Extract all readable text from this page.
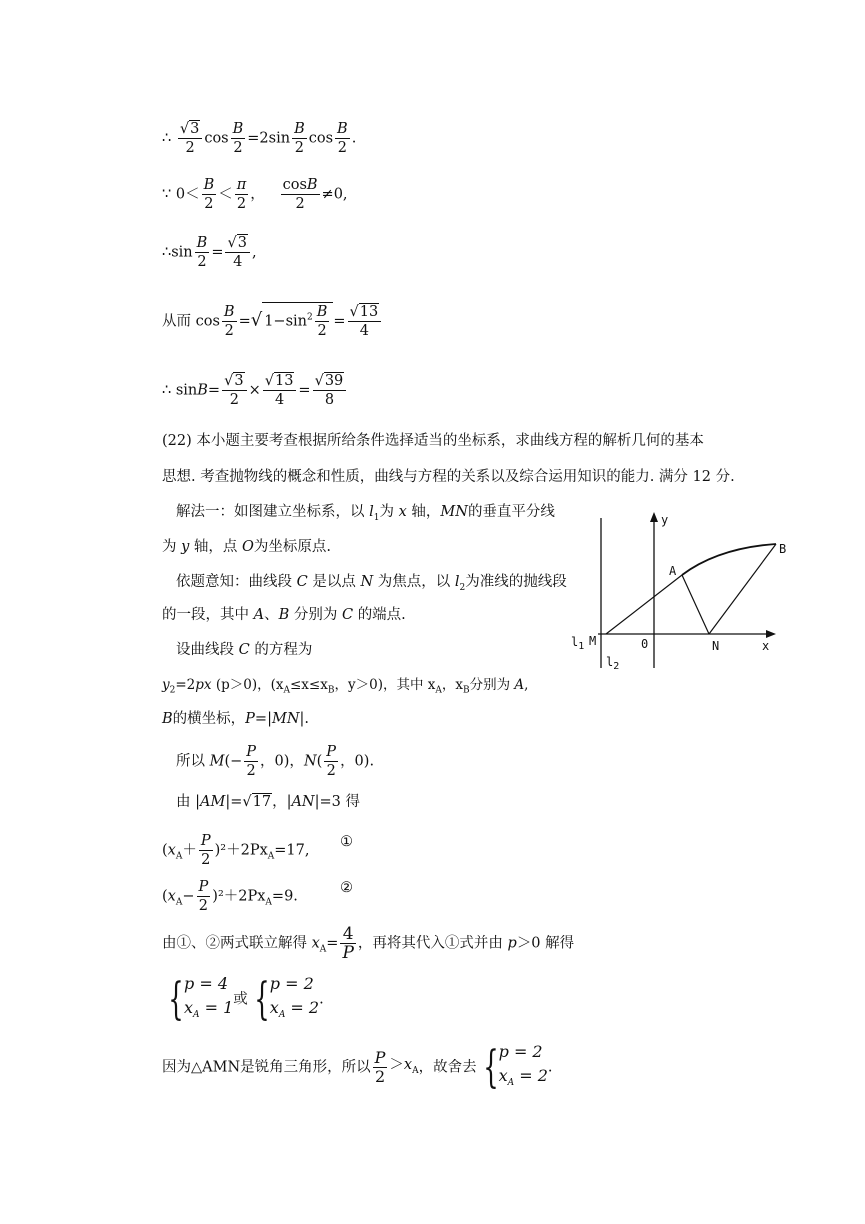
∴ $\frac{√3}{2}$ $\cos \frac{B}{2} =2\sin \frac{B}{2}$ $\cos \frac{B}{2}$ .
∵ $0< \frac{B}{2} < \frac{\pi}{2}$ ， $\frac{\cos B}{2} \ne 0$,
∴sin $\frac{B}{2} = \frac{√3}{4}$ ,
从而 $\cos \frac{B}{2}$ =√ $1-\sin^2 \frac{B}{2} = \frac{√13}{4}$
∴ $\sin B= \frac{√3}{2} \times \frac{√13}{4} = \frac{√39}{8}$
(22) 本小题主要考查根据所给条件选择适当的坐标系，求曲线方程的解析几何的基本
思想. 考查抛物线的概念和性质，曲线与方程的关系以及综合运用知识的能力. 满分 12 分.
解法一：如图建立坐标系，以 $l_1$为 x 轴，MN的垂直平分线
为 y 轴，点 O为坐标原点.
依题意知：曲线段 C 是以点 N 为焦点，以 $l_2$为准线的抛线段
的一段，其中 A、B 分别为 C 的端点.
设曲线段 C 的方程为
$y_2=2px$ (p＞0)，($x_A\le x\le x_B$，y＞0)，其中 $x_A$，$x_B$分别为 A,
B的横坐标，P=|MN|.
所以 $M(- \frac{P}{2}$ ，0)，$N( \frac{P}{2}$ ，0).
由 |AM|=√17，|AN|=3 得
$(x_A+ \frac{P}{2} )^2+2Px_A=17$,
①
$(x_A- \frac{P}{2} )^2+2Px_A=9$.
②
由①、②两式联立解得 $x_A= \frac{4}{P}$ ，再将其代入①式并由 p＞0 解得
{p = 4
$x_A = 1$或 {p = 2
$x_A = 2$.
因为△AMN是锐角三角形，所以 $\frac{P}{2} >x_A$，故舍去 {p = 2
$x_A = 2$.
y
x
A
B
M	N
0
$l_1$
$l_2$
